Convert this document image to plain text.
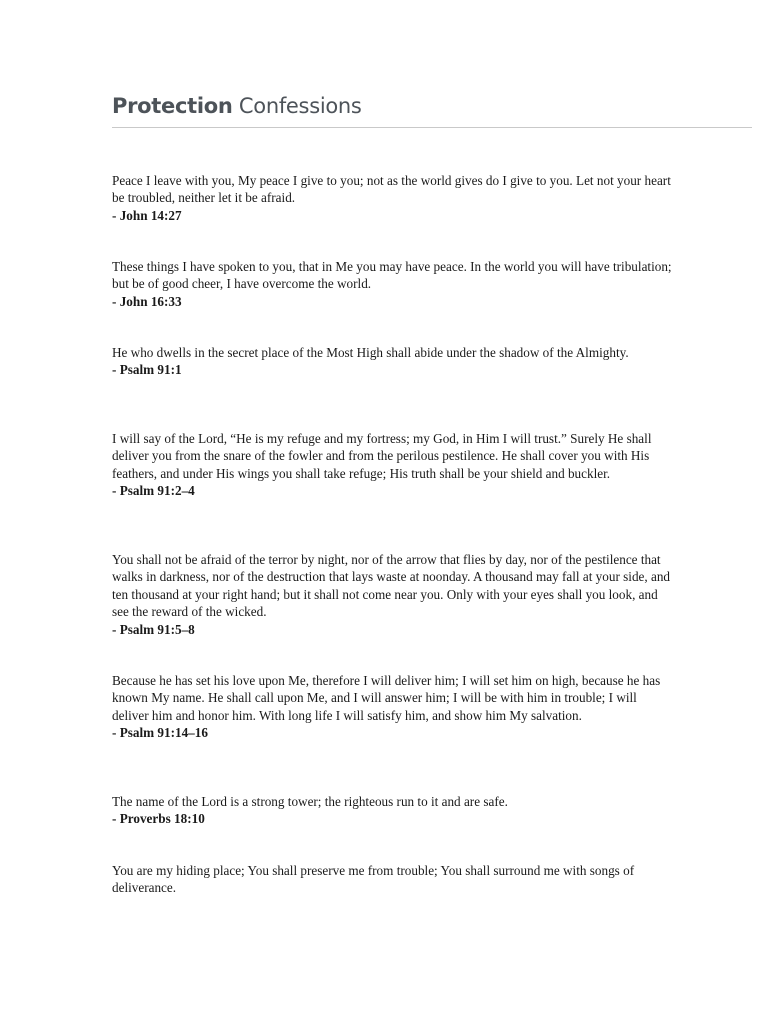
Protection Confessions
Peace I leave with you, My peace I give to you; not as the world gives do I give to you. Let not your heart be troubled, neither let it be afraid.
- John 14:27
These things I have spoken to you, that in Me you may have peace. In the world you will have tribulation; but be of good cheer, I have overcome the world.
- John 16:33
He who dwells in the secret place of the Most High shall abide under the shadow of the Almighty.
- Psalm 91:1
I will say of the Lord, “He is my refuge and my fortress; my God, in Him I will trust.” Surely He shall deliver you from the snare of the fowler and from the perilous pestilence. He shall cover you with His feathers, and under His wings you shall take refuge; His truth shall be your shield and buckler.
- Psalm 91:2–4
You shall not be afraid of the terror by night, nor of the arrow that flies by day, nor of the pestilence that walks in darkness, nor of the destruction that lays waste at noonday. A thousand may fall at your side, and ten thousand at your right hand; but it shall not come near you. Only with your eyes shall you look, and see the reward of the wicked.
- Psalm 91:5–8
Because he has set his love upon Me, therefore I will deliver him; I will set him on high, because he has known My name. He shall call upon Me, and I will answer him; I will be with him in trouble; I will deliver him and honor him. With long life I will satisfy him, and show him My salvation.
- Psalm 91:14–16
The name of the Lord is a strong tower; the righteous run to it and are safe.
- Proverbs 18:10
You are my hiding place; You shall preserve me from trouble; You shall surround me with songs of deliverance.
